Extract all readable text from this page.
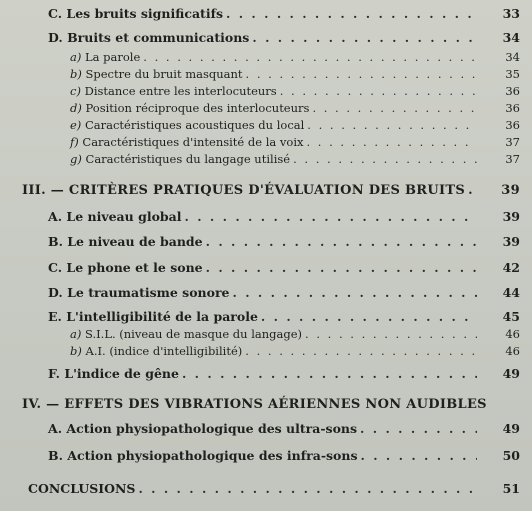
C. Les bruits significatifs . . .	33
D. Bruits et communications . . .	34
a) La parole . . .	34
b) Spectre du bruit masquant . . .	35
c) Distance entre les interlocuteurs . . .	36
d) Position réciproque des interlocuteurs . . .	36
e) Caractéristiques acoustiques du local . . .	36
f) Caractéristiques d'intensité de la voix . . .	37
g) Caractéristiques du langage utilisé . . .	37
III. — CRITÈRES PRATIQUES D'ÉVALUATION DES BRUITS . . .	39
A. Le niveau global . . .	39
B. Le niveau de bande . . .	39
C. Le phone et le sone . . .	42
D. Le traumatisme sonore . . .	44
E. L'intelligibilité de la parole . . .	45
a) S.I.L. (niveau de masque du langage) . . .	46
b) A.I. (indice d'intelligibilité) . . .	46
F. L'indice de gêne . . .	49
IV. — EFFETS DES VIBRATIONS AÉRIENNES NON AUDIBLES
A. Action physiopathologique des ultra-sons . . .	49
B. Action physiopathologique des infra-sons . . .	50
CONCLUSIONS . . .	51
